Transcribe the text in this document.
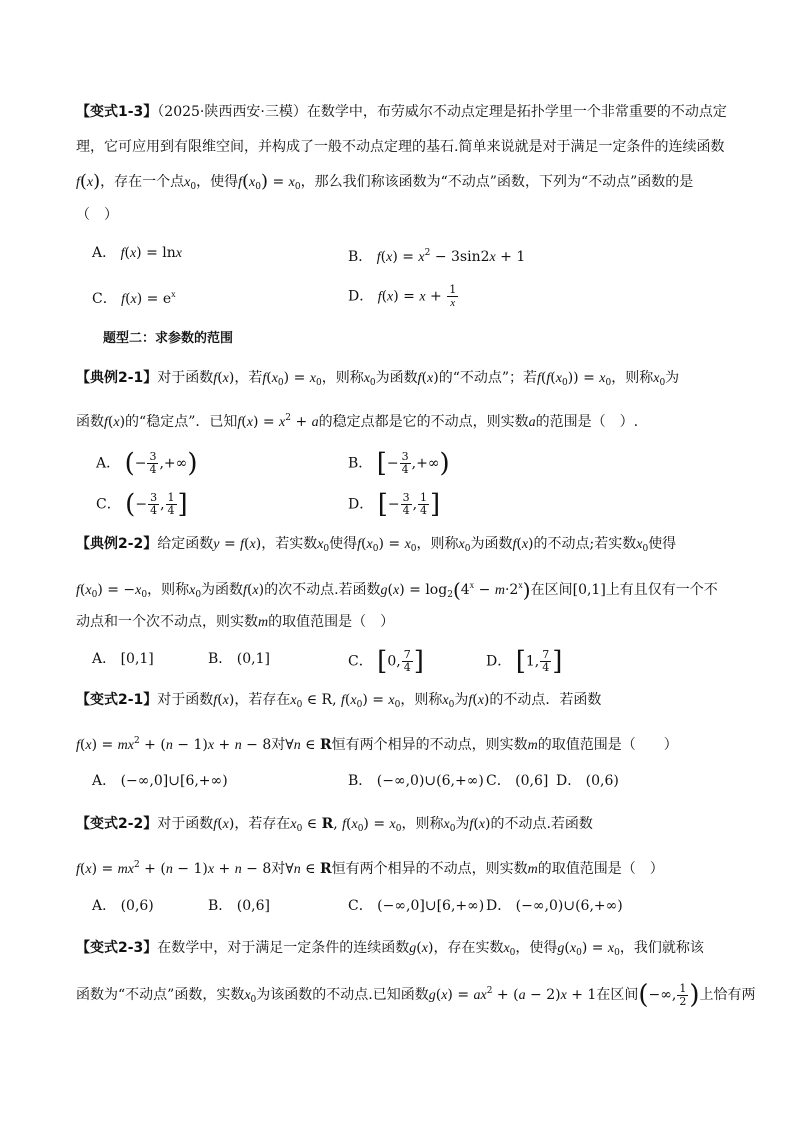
【变式1-3】（2025·陕西西安·三模）在数学中，布劳威尔不动点定理是拓扑学里一个非常重要的不动点定
理，它可应用到有限维空间，并构成了一般不动点定理的基石.简单来说就是对于满足一定条件的连续函数
f(x)，存在一个点$x_0$，使得$f(x_0) = x_0$，那么我们称该函数为“不动点”函数，下列为“不动点”函数的是
（　）
A． f(x) = lnx	B． $f(x) = x^2 - 3\sin 2x + 1$
C． $f(x) = e^x$	D． $f(x) = x + \frac{1}{x}$
题型二：求参数的范围
【典例2-1】对于函数f(x)，若$f(x_0) = x_0$，则称$x_0$为函数f(x)的“不动点”；若$f(f(x_0)) = x_0$，则称$x_0$为
函数f(x)的“稳定点”．已知$f(x) = x^2 + a$的稳定点都是它的不动点，则实数a的范围是（　）.
A． (− $\frac{3}{4}$ ,+∞)	B． [− $\frac{3}{4}$ ,+∞)
C． (− $\frac{3}{4}$ , $\frac{1}{4}$ ]	D． [− $\frac{3}{4}$ , $\frac{1}{4}$ ]
【典例2-2】给定函数y = f(x)，若实数$x_0$使得$f(x_0) = x_0$，则称$x_0$为函数f(x)的不动点;若实数$x_0$使得
$f(x_0) = -x_0$，则称$x_0$为函数f(x)的次不动点.若函数$g(x) = \log_2(4^x - m\cdot 2^x)$在区间[0,1]上有且仅有一个不
动点和一个次不动点，则实数m的取值范围是（　）
A． [0,1]	B． (0,1]	C． [0, $\frac{7}{4}$ ]	D． [1, $\frac{7}{4}$ ]
【变式2-1】对于函数f(x)，若存在$x_0$ ∈ R, $f(x_0) = x_0$，则称$x_0$为f(x)的不动点．若函数
$f(x) = mx^2 + (n - 1)x + n - 8$对∀n ∈ R恒有两个相异的不动点，则实数m的取值范围是（　　）
A． (−∞,0]∪[6,+∞)	B． (−∞,0)∪(6,+∞) C． (0,6] D． (0,6)
【变式2-2】对于函数f(x)，若存在$x_0$ ∈ R, $f(x_0) = x_0$，则称$x_0$为f(x)的不动点.若函数
$f(x) = mx^2 + (n - 1)x + n - 8$对∀n ∈ R恒有两个相异的不动点，则实数m的取值范围是（　）
A． (0,6)	B． (0,6]	C． (−∞,0]∪[6,+∞) D． (−∞,0)∪(6,+∞)
【变式2-3】在数学中，对于满足一定条件的连续函数g(x)，存在实数$x_0$，使得$g(x_0) = x_0$，我们就称该
函数为“不动点”函数，实数$x_0$为该函数的不动点.已知函数$g(x) = ax^2 + (a - 2)x + 1$在区间(−∞, $\frac{1}{2}$ )上恰有两
